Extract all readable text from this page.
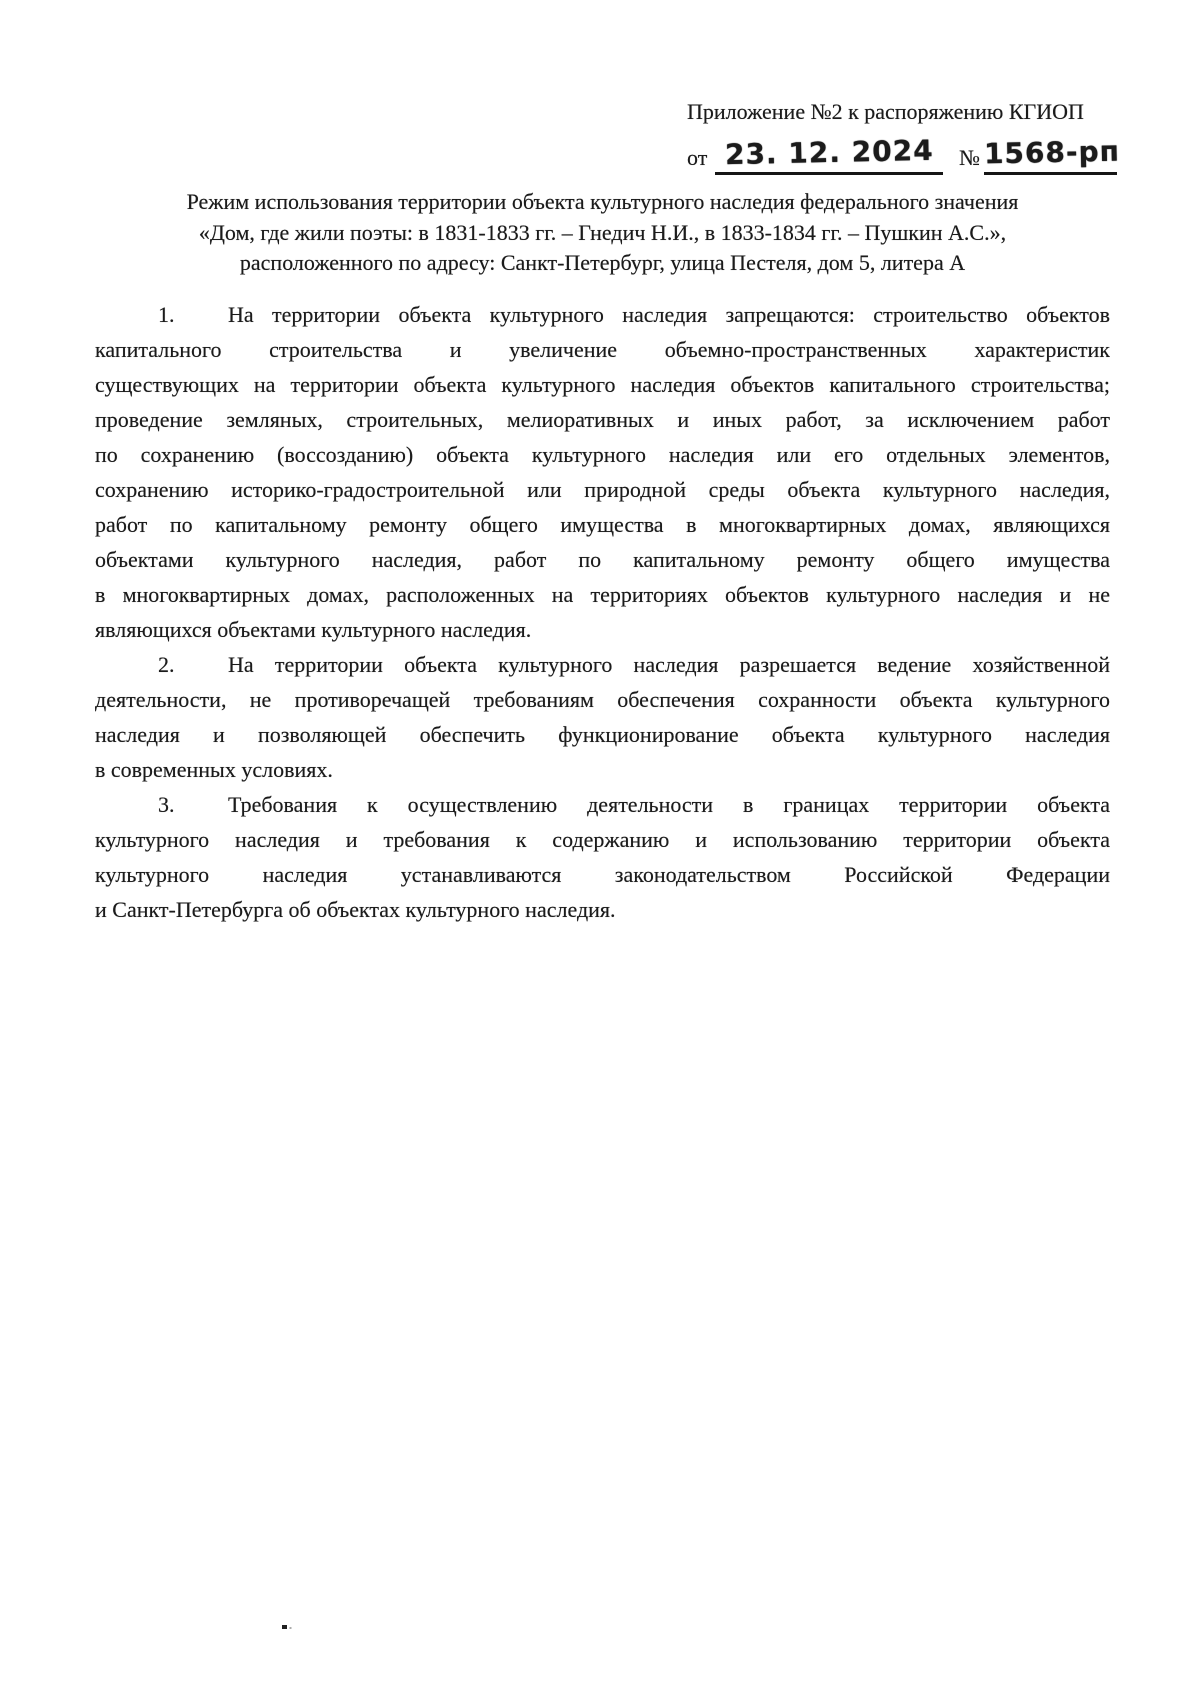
Приложение №2 к распоряжению КГИОП
от 23. 12. 2024	№ 1568-рп
Режим использования территории объекта культурного наследия федерального значения
«Дом, где жили поэты: в 1831-1833 гг. – Гнедич Н.И., в 1833-1834 гг. – Пушкин А.С.»,
расположенного по адресу: Санкт-Петербург, улица Пестеля, дом 5, литера А
1. На территории объекта культурного наследия запрещаются: строительство объектов
капитального строительства и увеличение объемно-пространственных характеристик
существующих на территории объекта культурного наследия объектов капитального строительства;
проведение земляных, строительных, мелиоративных и иных работ, за исключением работ
по сохранению (воссозданию) объекта культурного наследия или его отдельных элементов,
сохранению историко-градостроительной или природной среды объекта культурного наследия,
работ по капитальному ремонту общего имущества в многоквартирных домах, являющихся
объектами культурного наследия, работ по капитальному ремонту общего имущества
в многоквартирных домах, расположенных на территориях объектов культурного наследия и не
являющихся объектами культурного наследия.
2. На территории объекта культурного наследия разрешается ведение хозяйственной
деятельности, не противоречащей требованиям обеспечения сохранности объекта культурного
наследия и позволяющей обеспечить функционирование объекта культурного наследия
в современных условиях.
3. Требования к осуществлению деятельности в границах территории объекта
культурного наследия и требования к содержанию и использованию территории объекта
культурного наследия устанавливаются законодательством Российской Федерации
и Санкт-Петербурга об объектах культурного наследия.
